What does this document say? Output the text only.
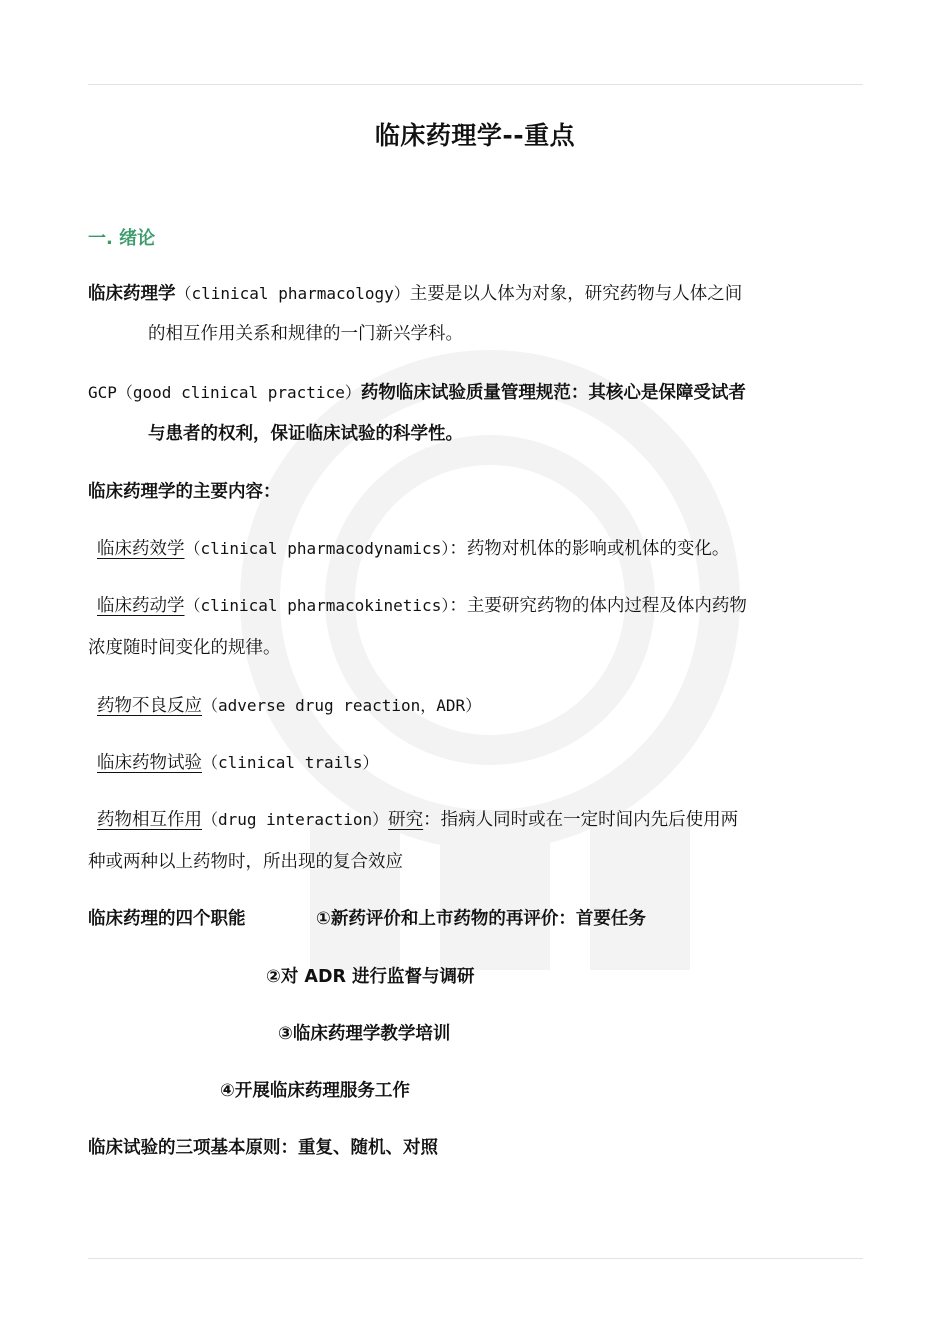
临床药理学--重点
一. 绪论
临床药理学（clinical pharmacology）主要是以人体为对象，研究药物与人体之间
的相互作用关系和规律的一门新兴学科。
GCP（good clinical practice）药物临床试验质量管理规范：其核心是保障受试者
与患者的权利，保证临床试验的科学性。
临床药理学的主要内容：
临床药效学（clinical pharmacodynamics）：药物对机体的影响或机体的变化。
临床药动学（clinical pharmacokinetics）：主要研究药物的体内过程及体内药物
浓度随时间变化的规律。
药物不良反应（adverse drug reaction，ADR）
临床药物试验（clinical trails）
药物相互作用（drug interaction）研究：指病人同时或在一定时间内先后使用两
种或两种以上药物时，所出现的复合效应
临床药理的四个职能	①新药评价和上市药物的再评价：首要任务
②对 ADR 进行监督与调研
③临床药理学教学培训
④开展临床药理服务工作
临床试验的三项基本原则：重复、随机、对照
